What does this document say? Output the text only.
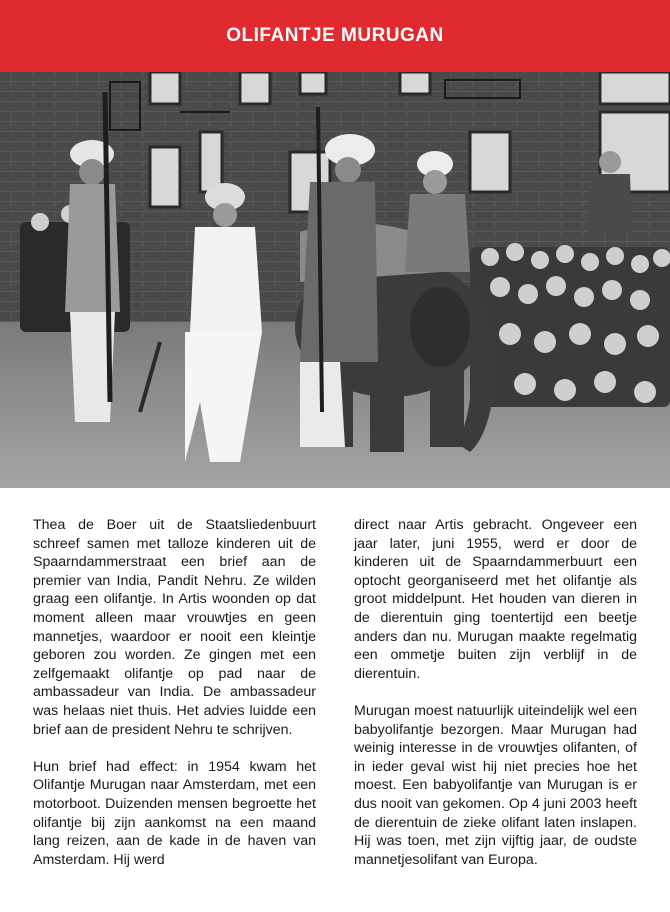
OLIFANTJE MURUGAN

Thea de Boer uit de Staatsliedenbuurt schreef samen met talloze kinderen uit de Spaarndammerstraat een brief aan de premier van India, Pandit Nehru. Ze wilden graag een olifantje. In Artis woonden op dat moment alleen maar vrouwtjes en geen mannetjes, waardoor er nooit een kleintje geboren zou worden. Ze gingen met een zelfgemaakt olifantje op pad naar de ambassadeur van India. De ambassadeur was helaas niet thuis. Het advies luidde een brief aan de president Nehru te schrijven.

Hun brief had effect: in 1954 kwam het Olifantje Murugan naar Amsterdam, met een motorboot. Duizenden mensen begroette het olifantje bij zijn aankomst na een maand lang reizen, aan de kade in de haven van Amsterdam. Hij werd

direct naar Artis gebracht. Ongeveer een jaar later, juni 1955, werd er door de kinderen uit de Spaarndammerbuurt een optocht georganiseerd met het olifantje als groot middelpunt. Het houden van dieren in de dierentuin ging toentertijd een beetje anders dan nu. Murugan maakte regelmatig een ommetje buiten zijn verblijf in de dierentuin.

Murugan moest natuurlijk uiteindelijk wel een babyolifantje bezorgen. Maar Murugan had weinig interesse in de vrouwtjes olifanten, of in ieder geval wist hij niet precies hoe het moest. Een babyolifantje van Murugan is er dus nooit van gekomen. Op 4 juni 2003 heeft de dierentuin de zieke olifant laten inslapen. Hij was toen, met zijn vijftig jaar, de oudste mannetjesolifant van Europa.
